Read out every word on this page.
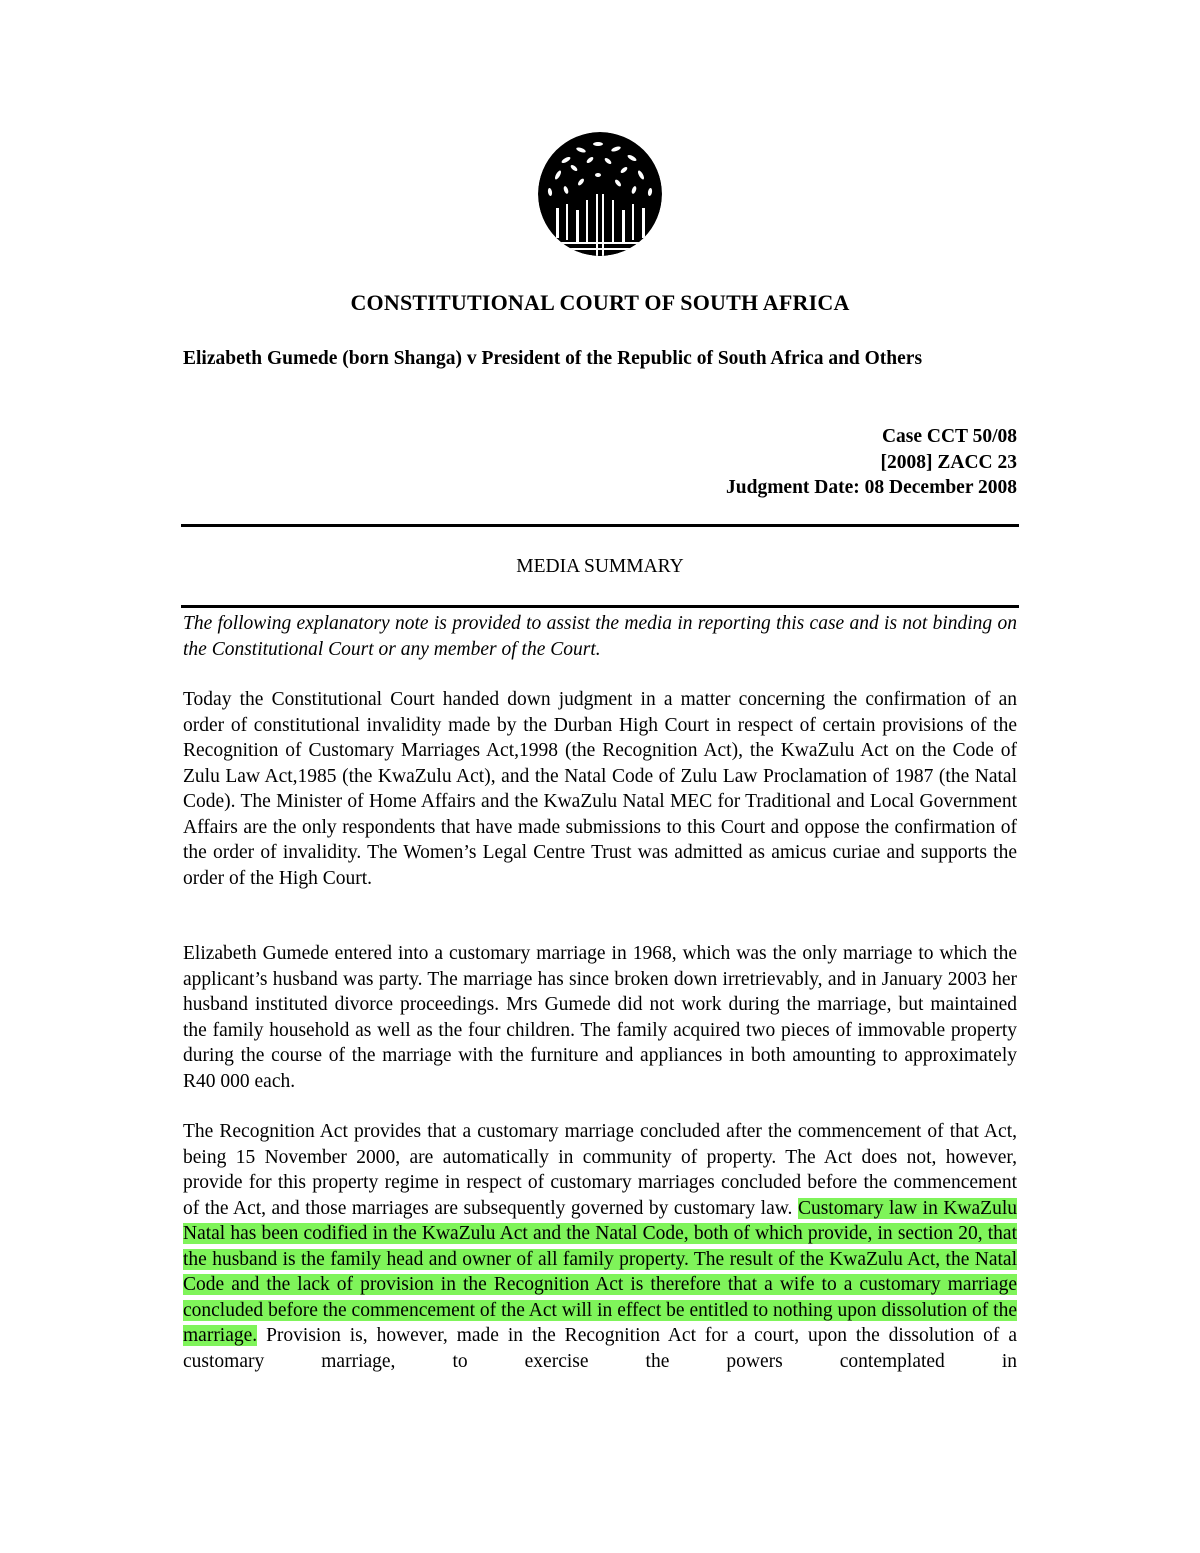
CONSTITUTIONAL COURT OF SOUTH AFRICA
Elizabeth Gumede (born Shanga) v President of the Republic of South Africa and Others
Case CCT 50/08
[2008] ZACC 23
Judgment Date: 08 December 2008
MEDIA SUMMARY
The following explanatory note is provided to assist the media in reporting this case and is not binding on the Constitutional Court or any member of the Court.
Today the Constitutional Court handed down judgment in a matter concerning the confirmation of an order of constitutional invalidity made by the Durban High Court in respect of certain provisions of the Recognition of Customary Marriages Act,1998 (the Recognition Act), the KwaZulu Act on the Code of Zulu Law Act,1985 (the KwaZulu Act), and the Natal Code of Zulu Law Proclamation of 1987 (the Natal Code). The Minister of Home Affairs and the KwaZulu Natal MEC for Traditional and Local Government Affairs are the only respondents that have made submissions to this Court and oppose the confirmation of the order of invalidity. The Women’s Legal Centre Trust was admitted as amicus curiae and supports the order of the High Court.
Elizabeth Gumede entered into a customary marriage in 1968, which was the only marriage to which the applicant’s husband was party. The marriage has since broken down irretrievably, and in January 2003 her husband instituted divorce proceedings. Mrs Gumede did not work during the marriage, but maintained the family household as well as the four children. The family acquired two pieces of immovable property during the course of the marriage with the furniture and appliances in both amounting to approximately R40 000 each.
The Recognition Act provides that a customary marriage concluded after the commencement of that Act, being 15 November 2000, are automatically in community of property. The Act does not, however, provide for this property regime in respect of customary marriages concluded before the commencement of the Act, and those marriages are subsequently governed by customary law. Customary law in KwaZulu Natal has been codified in the KwaZulu Act and the Natal Code, both of which provide, in section 20, that the husband is the family head and owner of all family property. The result of the KwaZulu Act, the Natal Code and the lack of provision in the Recognition Act is therefore that a wife to a customary marriage concluded before the commencement of the Act will in effect be entitled to nothing upon dissolution of the marriage. Provision is, however, made in the Recognition Act for a court, upon the dissolution of a customary marriage, to exercise the powers contemplated in
